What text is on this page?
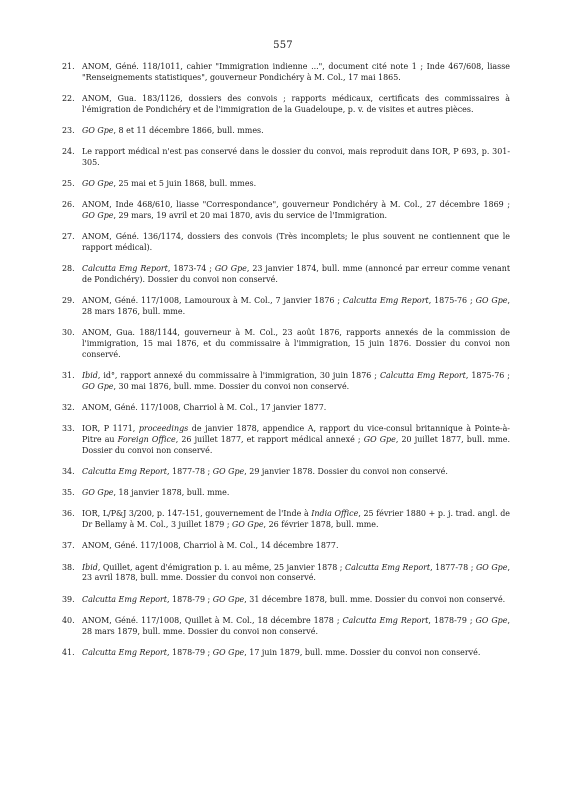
557
21. ANOM, Géné. 118/1011, cahier "Immigration indienne ...", document cité note 1 ; Inde 467/608, liasse "Renseignements statistiques", gouverneur Pondichéry à M. Col., 17 mai 1865.
22. ANOM, Gua. 183/1126, dossiers des convois ; rapports médicaux, certificats des commissaires à l'émigration de Pondichéry et de l'immigration de la Guadeloupe, p. v. de visites et autres pièces.
23. GO Gpe, 8 et 11 décembre 1866, bull. mmes.
24. Le rapport médical n'est pas conservé dans le dossier du convoi, mais reproduit dans IOR, P 693, p. 301-305.
25. GO Gpe, 25 mai et 5 juin 1868, bull. mmes.
26. ANOM, Inde 468/610, liasse "Correspondance", gouverneur Pondichéry à M. Col., 27 décembre 1869 ; GO Gpe, 29 mars, 19 avril et 20 mai 1870, avis du service de l'Immigration.
27. ANOM, Géné. 136/1174, dossiers des convois (Très incomplets; le plus souvent ne contiennent que le rapport médical).
28. Calcutta Emg Report, 1873-74 ; GO Gpe, 23 janvier 1874, bull. mme (annoncé par erreur comme venant de Pondichéry). Dossier du convoi non conservé.
29. ANOM, Géné. 117/1008, Lamouroux à M. Col., 7 janvier 1876 ; Calcutta Emg Report, 1875-76 ; GO Gpe, 28 mars 1876, bull. mme.
30. ANOM, Gua. 188/1144, gouverneur à M. Col., 23 août 1876, rapports annexés de la commission de l'immigration, 15 mai 1876, et du commissaire à l'immigration, 15 juin 1876. Dossier du convoi non conservé.
31. Ibid, id°, rapport annexé du commissaire à l'immigration, 30 juin 1876 ; Calcutta Emg Report, 1875-76 ; GO Gpe, 30 mai 1876, bull. mme. Dossier du convoi non conservé.
32. ANOM, Géné. 117/1008, Charriol à M. Col., 17 janvier 1877.
33. IOR, P 1171, proceedings de janvier 1878, appendice A, rapport du vice-consul britannique à Pointe-à-Pitre au Foreign Office, 26 juillet 1877, et rapport médical annexé ; GO Gpe, 20 juillet 1877, bull. mme. Dossier du convoi non conservé.
34. Calcutta Emg Report, 1877-78 ; GO Gpe, 29 janvier 1878. Dossier du convoi non conservé.
35. GO Gpe, 18 janvier 1878, bull. mme.
36. IOR, L/P&J 3/200, p. 147-151, gouvernement de l'Inde à India Office, 25 février 1880 + p. j. trad. angl. de Dr Bellamy à M. Col., 3 juillet 1879 ; GO Gpe, 26 février 1878, bull. mme.
37. ANOM, Géné. 117/1008, Charriol à M. Col., 14 décembre 1877.
38. Ibid, Quillet, agent d'émigration p. i. au même, 25 janvier 1878 ; Calcutta Emg Report, 1877-78 ; GO Gpe, 23 avril 1878, bull. mme. Dossier du convoi non conservé.
39. Calcutta Emg Report, 1878-79 ; GO Gpe, 31 décembre 1878, bull. mme. Dossier du convoi non conservé.
40. ANOM, Géné. 117/1008, Quillet à M. Col., 18 décembre 1878 ; Calcutta Emg Report, 1878-79 ; GO Gpe, 28 mars 1879, bull. mme. Dossier du convoi non conservé.
41. Calcutta Emg Report, 1878-79 ; GO Gpe, 17 juin 1879, bull. mme. Dossier du convoi non conservé.
